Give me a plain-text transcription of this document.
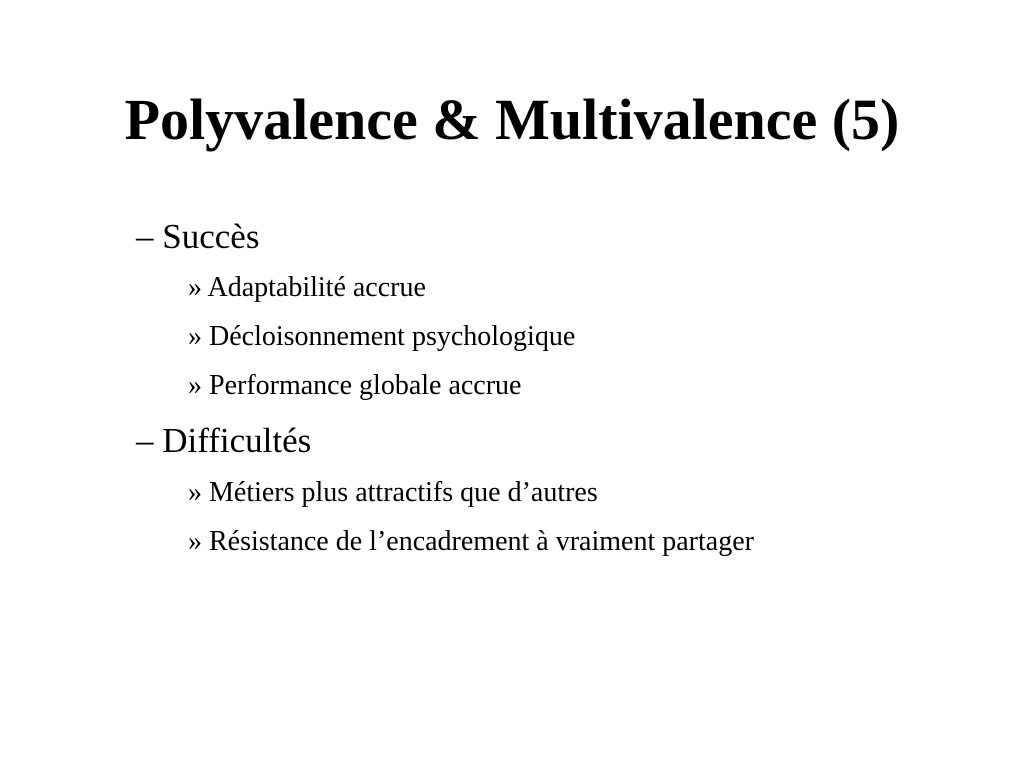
Polyvalence & Multivalence (5)
– Succès
» Adaptabilité accrue
» Décloisonnement psychologique
» Performance globale accrue
– Difficultés
» Métiers plus attractifs que d’autres
» Résistance de l’encadrement à vraiment partager
